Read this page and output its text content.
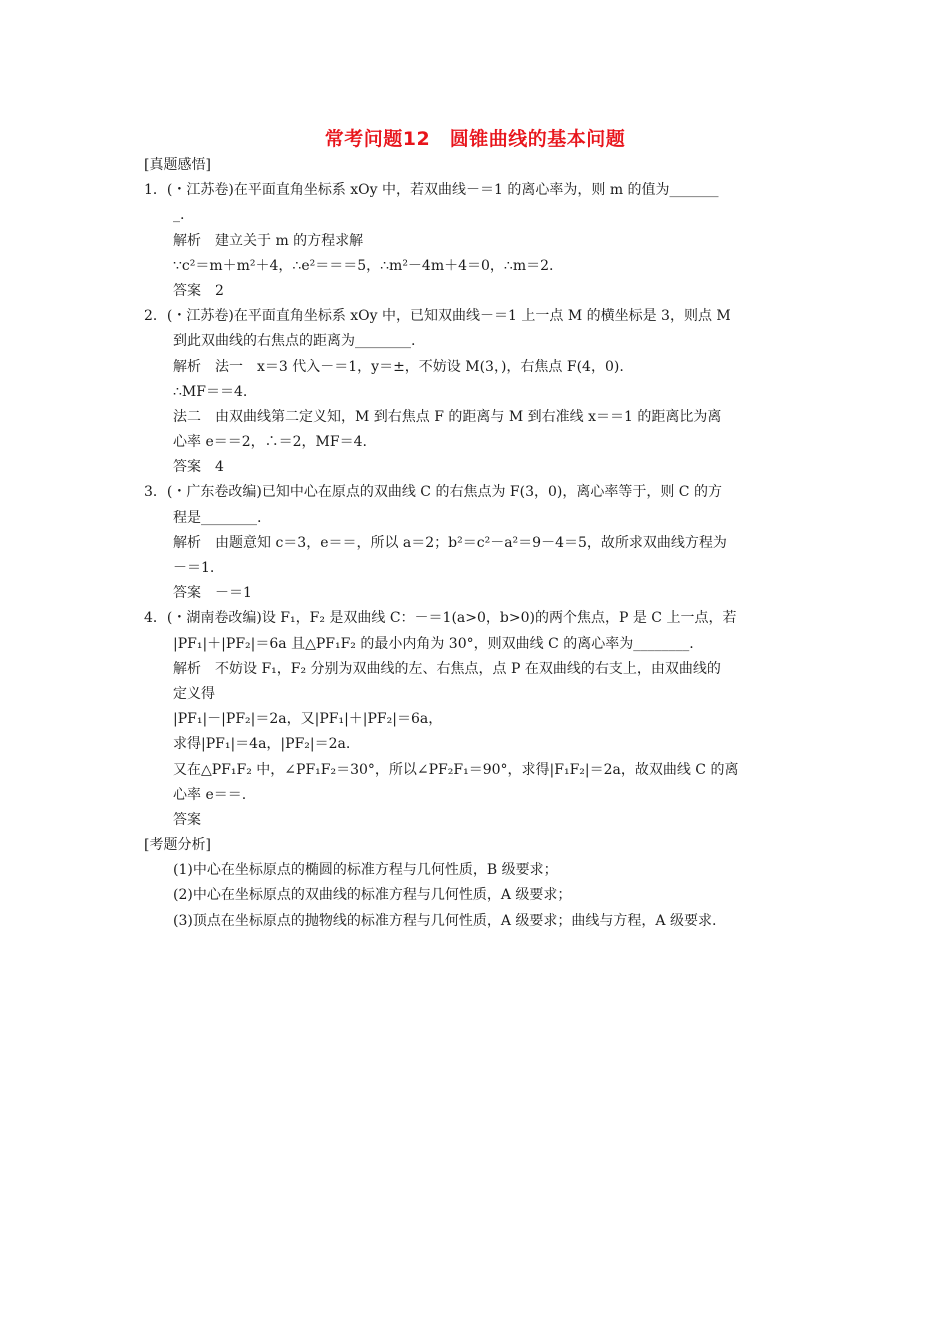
常考问题12　圆锥曲线的基本问题
[真题感悟]
1．(・江苏卷)在平面直角坐标系 xOy 中，若双曲线－＝1 的离心率为，则 m 的值为_______
_.
解析　建立关于 m 的方程求解
∵c²＝m＋m²＋4，∴e²＝＝＝5，∴m²－4m＋4＝0，∴m＝2.
答案　2
2．(・江苏卷)在平面直角坐标系 xOy 中，已知双曲线－＝1 上一点 M 的横坐标是 3，则点 M
到此双曲线的右焦点的距离为________.
解析　法一　x＝3 代入－＝1，y＝±，不妨设 M(3，)，右焦点 F(4，0).
∴MF＝＝4.
法二　由双曲线第二定义知，M 到右焦点 F 的距离与 M 到右准线 x＝＝1 的距离比为离
心率 e＝＝2，∴＝2，MF＝4.
答案　4
3．(・广东卷改编)已知中心在原点的双曲线 C 的右焦点为 F(3，0)，离心率等于，则 C 的方
程是________.
解析　由题意知 c＝3，e＝＝，所以 a＝2；b²＝c²－a²＝9－4＝5，故所求双曲线方程为
－＝1.
答案　－＝1
4．(・湖南卷改编)设 F₁，F₂ 是双曲线 C：－＝1(a>0，b>0)的两个焦点，P 是 C 上一点，若
|PF₁|＋|PF₂|＝6a 且△PF₁F₂ 的最小内角为 30°，则双曲线 C 的离心率为________.
解析　不妨设 F₁，F₂ 分别为双曲线的左、右焦点，点 P 在双曲线的右支上，由双曲线的
定义得
|PF₁|－|PF₂|＝2a，又|PF₁|＋|PF₂|＝6a，
求得|PF₁|＝4a，|PF₂|＝2a.
又在△PF₁F₂ 中，∠PF₁F₂＝30°，所以∠PF₂F₁＝90°，求得|F₁F₂|＝2a，故双曲线 C 的离
心率 e＝＝.
答案
[考题分析]
(1)中心在坐标原点的椭圆的标准方程与几何性质，B 级要求；
(2)中心在坐标原点的双曲线的标准方程与几何性质，A 级要求；
(3)顶点在坐标原点的抛物线的标准方程与几何性质，A 级要求；曲线与方程，A 级要求.
